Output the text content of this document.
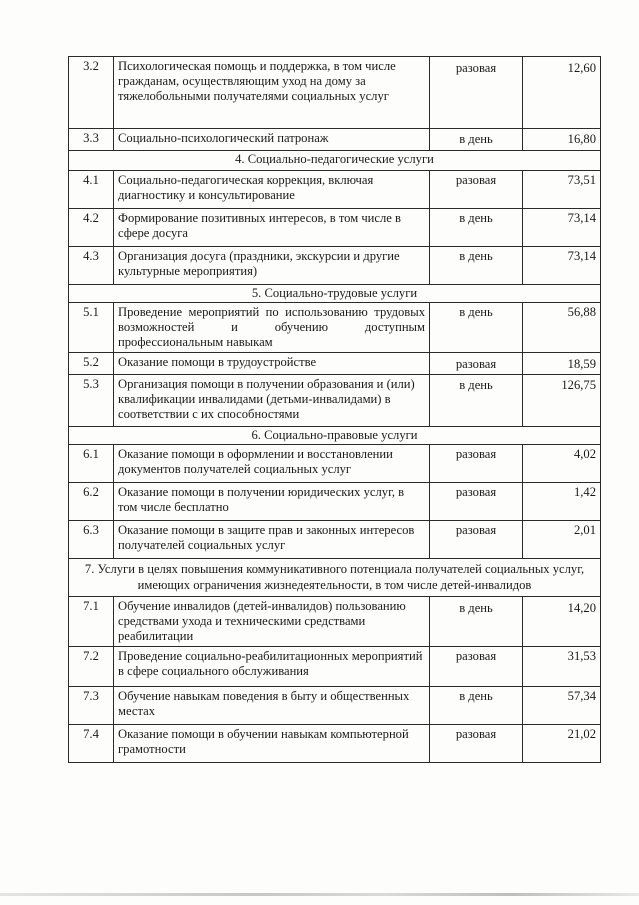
3.2	Психологическая помощь и поддержка, в том числе гражданам, осуществляющим уход на дому за тяжелобольными получателями социальных услуг	разовая	12,60
3.3	Социально-психологический патронаж	в день	16,80
4. Социально-педагогические услуги			
4.1	Социально-педагогическая коррекция, включая диагностику и консультирование	разовая	73,51
4.2	Формирование позитивных интересов, в том числе в сфере досуга	в день	73,14
4.3	Организация досуга (праздники, экскурсии и другие культурные мероприятия)	в день	73,14
5. Социально-трудовые услуги			
5.1	Проведение мероприятий по использованию трудовых возможностей и обучению доступным профессиональным навыкам	в день	56,88
5.2	Оказание помощи в трудоустройстве	разовая	18,59
5.3	Организация помощи в получении образования и (или) квалификации инвалидами (детьми-инвалидами) в соответствии с их способностями	в день	126,75
6. Социально-правовые услуги			
6.1	Оказание помощи в оформлении и восстановлении документов получателей социальных услуг	разовая	4,02
6.2	Оказание помощи в получении юридических услуг, в том числе бесплатно	разовая	1,42
6.3	Оказание помощи в защите прав и законных интересов получателей социальных услуг	разовая	2,01
7. Услуги в целях повышения коммуникативного потенциала получателей социальных услуг, имеющих ограничения жизнедеятельности, в том числе детей-инвалидов			
7.1	Обучение инвалидов (детей-инвалидов) пользованию средствами ухода и техническими средствами реабилитации	в день	14,20
7.2	Проведение социально-реабилитационных мероприятий в сфере социального обслуживания	разовая	31,53
7.3	Обучение навыкам поведения в быту и общественных местах	в день	57,34
7.4	Оказание помощи в обучении навыкам компьютерной грамотности	разовая	21,02
